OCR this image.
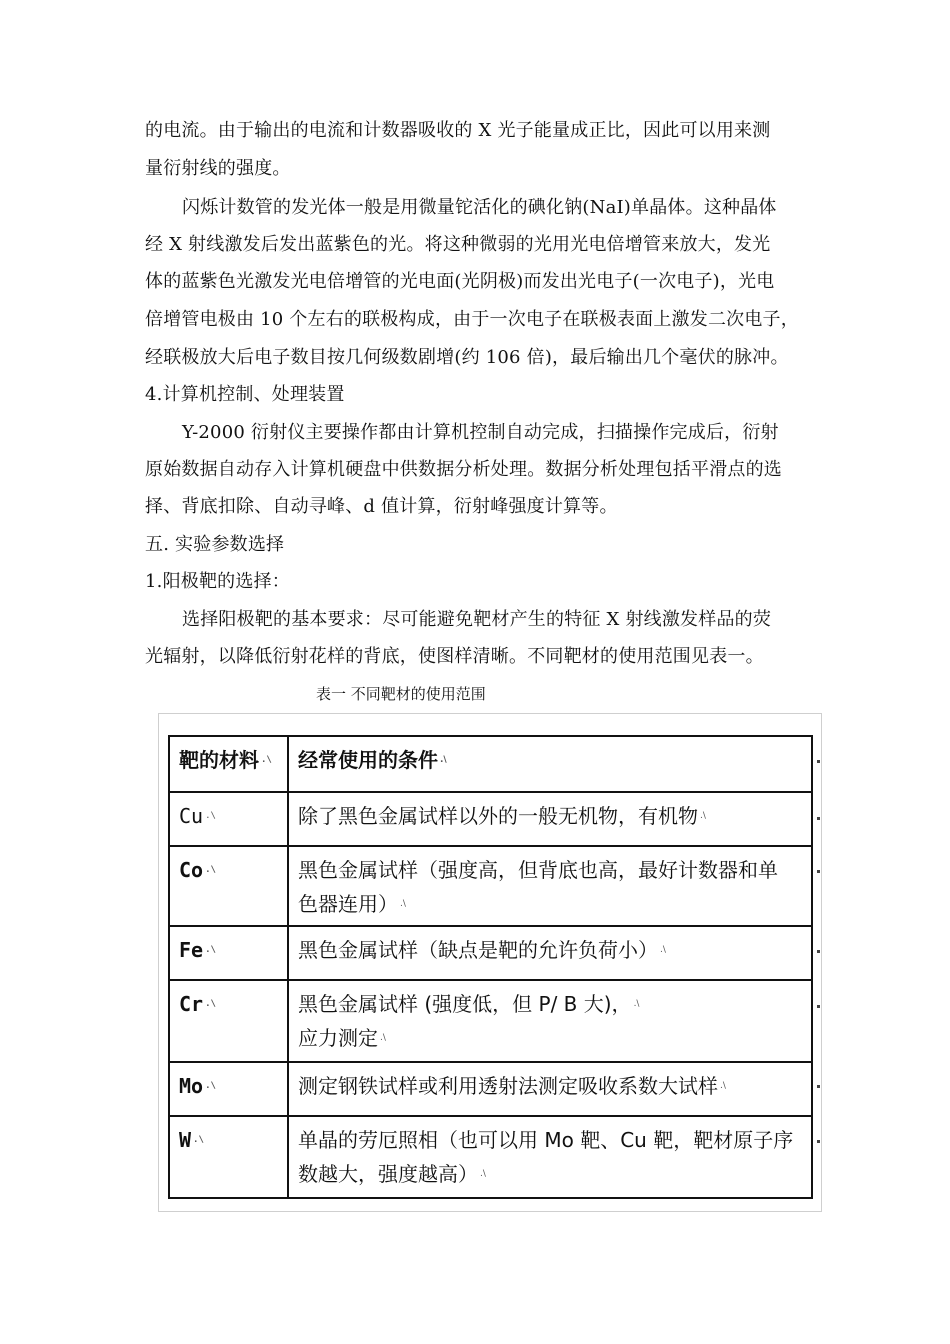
的电流。由于输出的电流和计数器吸收的 X 光子能量成正比，因此可以用来测
量衍射线的强度。
闪烁计数管的发光体一般是用微量铊活化的碘化钠(NaI)单晶体。这种晶体
经 X 射线激发后发出蓝紫色的光。将这种微弱的光用光电倍增管来放大，发光
体的蓝紫色光激发光电倍增管的光电面(光阴极)而发出光电子(一次电子)，光电
倍增管电极由 10 个左右的联极构成，由于一次电子在联极表面上激发二次电子，
经联极放大后电子数目按几何级数剧增(约 106 倍)，最后输出几个毫伏的脉冲。
4.计算机控制、处理装置
Y-2000 衍射仪主要操作都由计算机控制自动完成，扫描操作完成后，衍射
原始数据自动存入计算机硬盘中供数据分析处理。数据分析处理包括平滑点的选
择、背底扣除、自动寻峰、d 值计算，衍射峰强度计算等。
五. 实验参数选择
1.阳极靶的选择：
选择阳极靶的基本要求：尽可能避免靶材产生的特征 X 射线激发样品的荧
光辐射，以降低衍射花样的背底，使图样清晰。不同靶材的使用范围见表一。
表一 不同靶材的使用范围
靶的材料 .\	经常使用的条件 .\
Cu .\	除了黑色金属试样以外的一般无机物，有机物 .\
Co .\	黑色金属试样（强度高，但背底也高，最好计数器和单
色器连用） .\
Fe .\	黑色金属试样（缺点是靶的允许负荷小） .\
Cr .\	黑色金属试样 (强度低，但 P/ B 大)， .\
应力测定 .\
Mo .\	测定钢铁试样或利用透射法测定吸收系数大试样 .\
W .\	单晶的劳厄照相（也可以用 Mo 靶、Cu 靶，靶材原子序
数越大，强度越高） .\
